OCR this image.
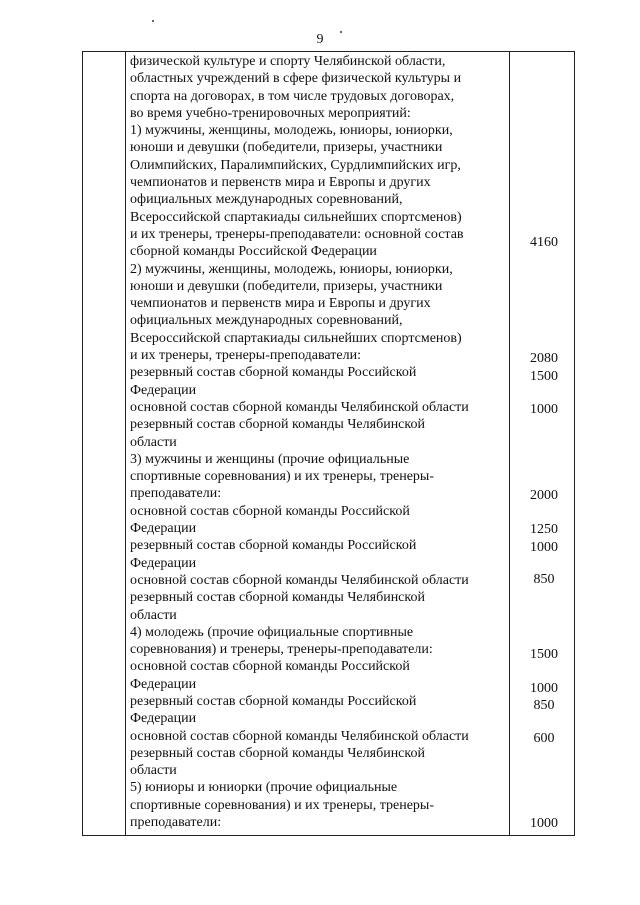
9
физической культуре и спорту Челябинской области,
областных учреждений в сфере физической культуры и
спорта на договорах, в том числе трудовых договорах,
во время учебно-тренировочных мероприятий:
1) мужчины, женщины, молодежь, юниоры, юниорки,
юноши и девушки (победители, призеры, участники
Олимпийских, Паралимпийских, Сурдлимпийских игр,
чемпионатов и первенств мира и Европы и других
официальных международных соревнований,
Всероссийской спартакиады сильнейших спортсменов)
и их тренеры, тренеры-преподаватели: основной состав
сборной команды Российской Федерации
2) мужчины, женщины, молодежь, юниоры, юниорки,
юноши и девушки (победители, призеры, участники
чемпионатов и первенств мира и Европы и других
официальных международных соревнований,
Всероссийской спартакиады сильнейших спортсменов)
и их тренеры, тренеры-преподаватели:
резервный состав сборной команды Российской
Федерации
основной состав сборной команды Челябинской области
резервный состав сборной команды Челябинской
области
3) мужчины и женщины (прочие официальные
спортивные соревнования) и их тренеры, тренеры-
преподаватели:
основной состав сборной команды Российской
Федерации
резервный состав сборной команды Российской
Федерации
основной состав сборной команды Челябинской области
резервный состав сборной команды Челябинской
области
4) молодежь (прочие официальные спортивные
соревнования) и тренеры, тренеры-преподаватели:
основной состав сборной команды Российской
Федерации
резервный состав сборной команды Российской
Федерации
основной состав сборной команды Челябинской области
резервный состав сборной команды Челябинской
области
5) юниоры и юниорки (прочие официальные
спортивные соревнования) и их тренеры, тренеры-
преподаватели:
4160
2080
1500
1000
2000
1250
1000
850
1500
1000
850
600
1000
